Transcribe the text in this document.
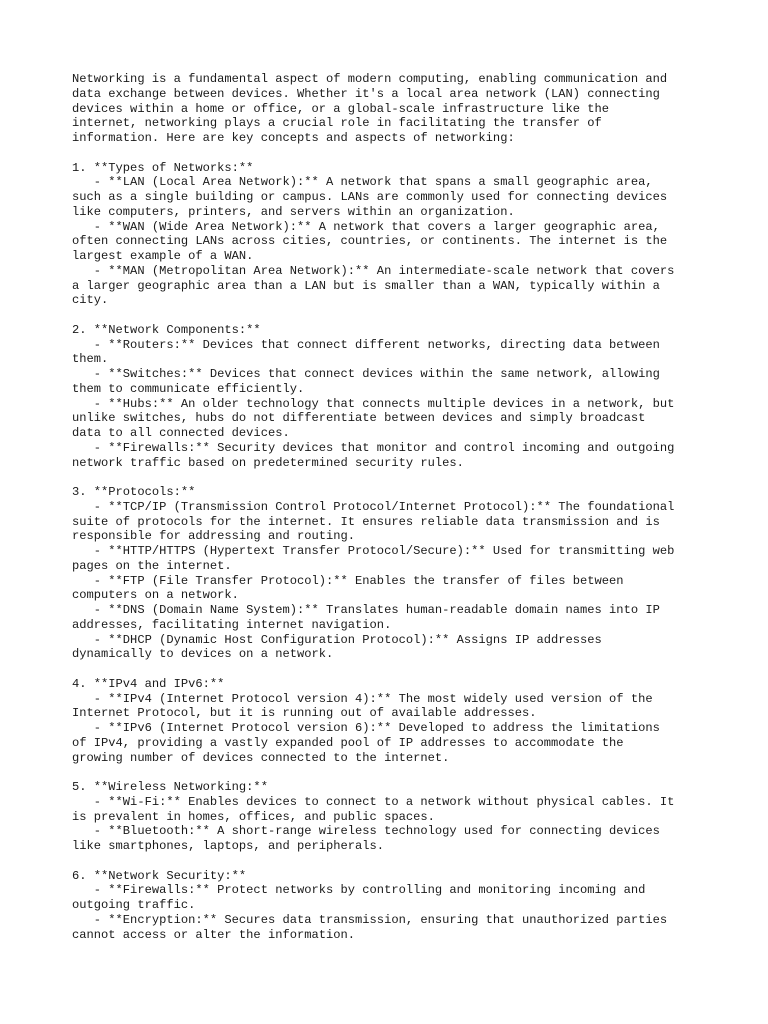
Networking is a fundamental aspect of modern computing, enabling communication and
data exchange between devices. Whether it's a local area network (LAN) connecting
devices within a home or office, or a global-scale infrastructure like the
internet, networking plays a crucial role in facilitating the transfer of
information. Here are key concepts and aspects of networking:
1. **Types of Networks:**
- **LAN (Local Area Network):** A network that spans a small geographic area,
such as a single building or campus. LANs are commonly used for connecting devices
like computers, printers, and servers within an organization.
- **WAN (Wide Area Network):** A network that covers a larger geographic area,
often connecting LANs across cities, countries, or continents. The internet is the
largest example of a WAN.
- **MAN (Metropolitan Area Network):** An intermediate-scale network that covers
a larger geographic area than a LAN but is smaller than a WAN, typically within a
city.
2. **Network Components:**
- **Routers:** Devices that connect different networks, directing data between
them.
- **Switches:** Devices that connect devices within the same network, allowing
them to communicate efficiently.
- **Hubs:** An older technology that connects multiple devices in a network, but
unlike switches, hubs do not differentiate between devices and simply broadcast
data to all connected devices.
- **Firewalls:** Security devices that monitor and control incoming and outgoing
network traffic based on predetermined security rules.
3. **Protocols:**
- **TCP/IP (Transmission Control Protocol/Internet Protocol):** The foundational
suite of protocols for the internet. It ensures reliable data transmission and is
responsible for addressing and routing.
- **HTTP/HTTPS (Hypertext Transfer Protocol/Secure):** Used for transmitting web
pages on the internet.
- **FTP (File Transfer Protocol):** Enables the transfer of files between
computers on a network.
- **DNS (Domain Name System):** Translates human-readable domain names into IP
addresses, facilitating internet navigation.
- **DHCP (Dynamic Host Configuration Protocol):** Assigns IP addresses
dynamically to devices on a network.
4. **IPv4 and IPv6:**
- **IPv4 (Internet Protocol version 4):** The most widely used version of the
Internet Protocol, but it is running out of available addresses.
- **IPv6 (Internet Protocol version 6):** Developed to address the limitations
of IPv4, providing a vastly expanded pool of IP addresses to accommodate the
growing number of devices connected to the internet.
5. **Wireless Networking:**
- **Wi-Fi:** Enables devices to connect to a network without physical cables. It
is prevalent in homes, offices, and public spaces.
- **Bluetooth:** A short-range wireless technology used for connecting devices
like smartphones, laptops, and peripherals.
6. **Network Security:**
- **Firewalls:** Protect networks by controlling and monitoring incoming and
outgoing traffic.
- **Encryption:** Secures data transmission, ensuring that unauthorized parties
cannot access or alter the information.
